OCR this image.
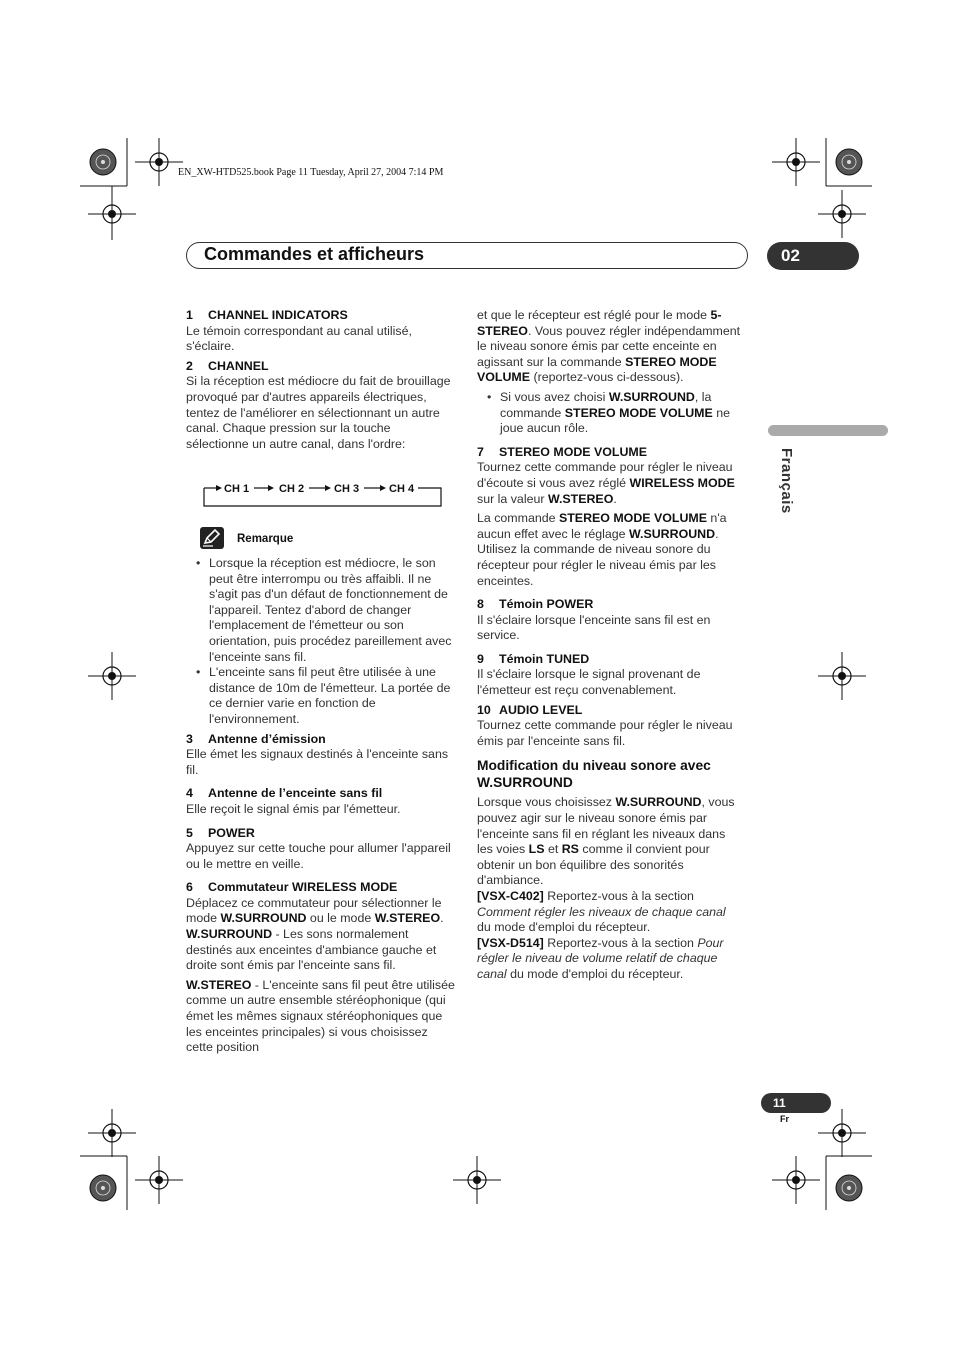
EN_XW-HTD525.book Page 11 Tuesday, April 27, 2004 7:14 PM
Commandes et afficheurs	02
Français

1 CHANNEL INDICATORS

Le témoin correspondant au canal utilisé, s'éclaire.

2 CHANNEL

Si la réception est médiocre du fait de brouillage provoqué par d'autres appareils électriques, tentez de l'améliorer en sélectionnant un autre canal. Chaque pression sur la touche sélectionne un autre canal, dans l'ordre:

CH 1	CH 2	CH 3	CH 4
Remarque
• Lorsque la réception est médiocre, le son peut être interrompu ou très affaibli. Il ne s'agit pas d'un défaut de fonctionnement de l'appareil. Tentez d'abord de changer l'emplacement de l'émetteur ou son orientation, puis procédez pareillement avec l'enceinte sans fil.
• L'enceinte sans fil peut être utilisée à une distance de 10m de l'émetteur. La portée de ce dernier varie en fonction de l'environnement.

3 Antenne d’émission

Elle émet les signaux destinés à l'enceinte sans fil.

4 Antenne de l’enceinte sans fil

Elle reçoit le signal émis par l'émetteur.

5 POWER

Appuyez sur cette touche pour allumer l'appareil ou le mettre en veille.

6 Commutateur WIRELESS MODE

Déplacez ce commutateur pour sélectionner le mode W.SURROUND ou le mode W.STEREO.

W.SURROUND - Les sons normalement destinés aux enceintes d'ambiance gauche et droite sont émis par l'enceinte sans fil.

W.STEREO - L'enceinte sans fil peut être utilisée comme un autre ensemble stéréophonique (qui émet les mêmes signaux stéréophoniques que les enceintes principales) si vous choisissez cette position

et que le récepteur est réglé pour le mode 5-STEREO. Vous pouvez régler indépendamment le niveau sonore émis par cette enceinte en agissant sur la commande STEREO MODE VOLUME (reportez-vous ci-dessous).

• Si vous avez choisi W.SURROUND, la commande STEREO MODE VOLUME ne joue aucun rôle.

7 STEREO MODE VOLUME

Tournez cette commande pour régler le niveau d'écoute si vous avez réglé WIRELESS MODE sur la valeur W.STEREO.

La commande STEREO MODE VOLUME n'a aucun effet avec le réglage W.SURROUND. Utilisez la commande de niveau sonore du récepteur pour régler le niveau émis par les enceintes.

8 Témoin POWER

Il s'éclaire lorsque l'enceinte sans fil est en service.

9 Témoin TUNED

Il s'éclaire lorsque le signal provenant de l'émetteur est reçu convenablement.

10 AUDIO LEVEL

Tournez cette commande pour régler le niveau émis par l'enceinte sans fil.

Modification du niveau sonore avec W.SURROUND

Lorsque vous choisissez W.SURROUND, vous pouvez agir sur le niveau sonore émis par l'enceinte sans fil en réglant les niveaux dans les voies LS et RS comme il convient pour obtenir un bon équilibre des sonorités d'ambiance.

[VSX-C402] Reportez-vous à la section Comment régler les niveaux de chaque canal du mode d'emploi du récepteur.

[VSX-D514] Reportez-vous à la section Pour régler le niveau de volume relatif de chaque canal du mode d'emploi du récepteur.

11
Fr
